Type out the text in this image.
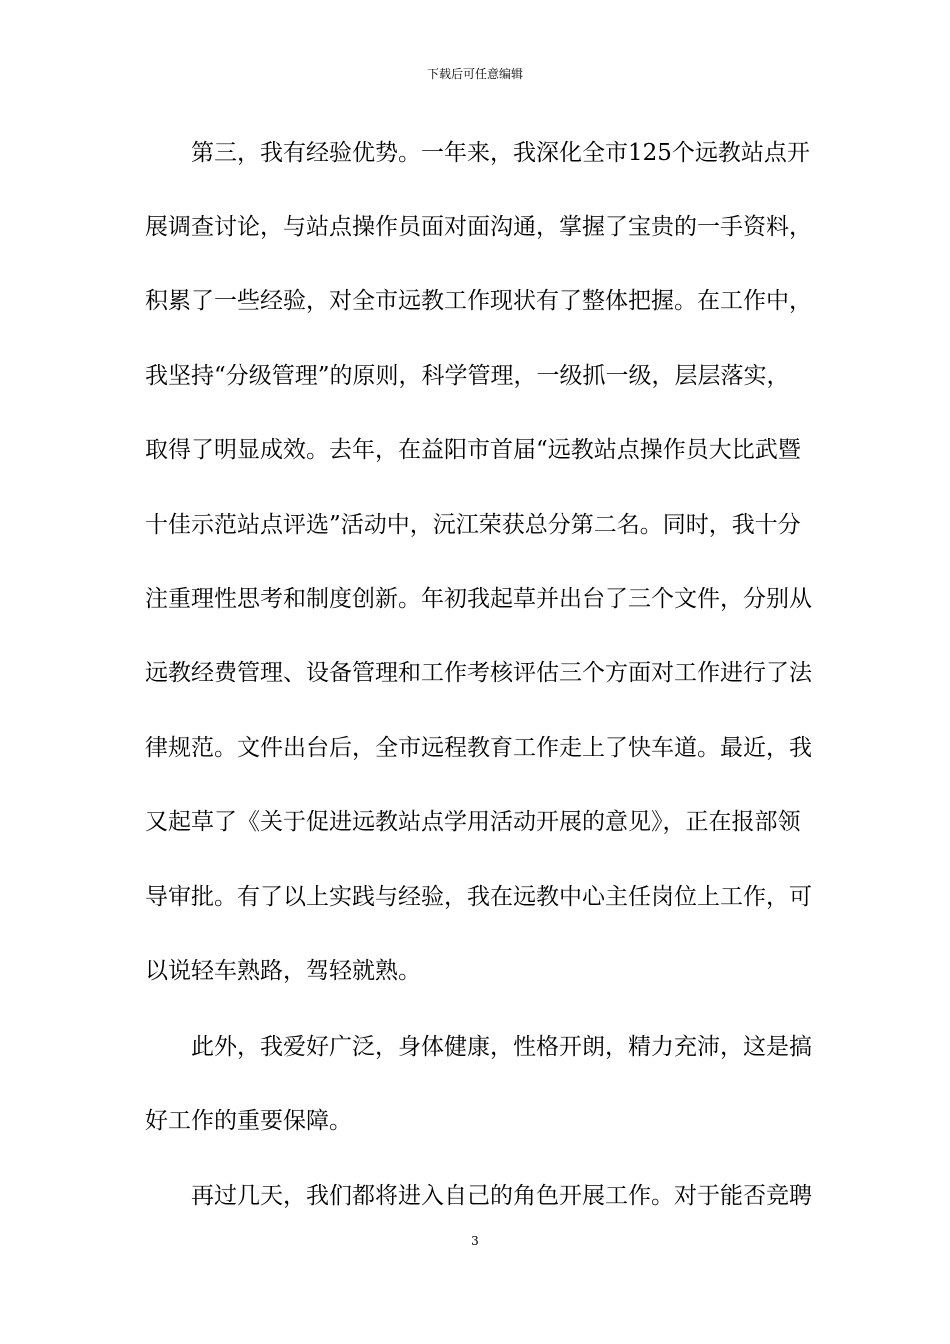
下载后可任意编辑
第三，我有经验优势。一年来，我深化全市125个远教站点开
展调查讨论，与站点操作员面对面沟通，掌握了宝贵的一手资料，
积累了一些经验，对全市远教工作现状有了整体把握。在工作中，
我坚持“分级管理”的原则，科学管理，一级抓一级，层层落实，
取得了明显成效。去年，在益阳市首届“远教站点操作员大比武暨
十佳示范站点评选”活动中，沅江荣获总分第二名。同时，我十分
注重理性思考和制度创新。年初我起草并出台了三个文件，分别从
远教经费管理、设备管理和工作考核评估三个方面对工作进行了法
律规范。文件出台后，全市远程教育工作走上了快车道。最近，我
又起草了《关于促进远教站点学用活动开展的意见》，正在报部领
导审批。有了以上实践与经验，我在远教中心主任岗位上工作，可
以说轻车熟路，驾轻就熟。
此外，我爱好广泛，身体健康，性格开朗，精力充沛，这是搞
好工作的重要保障。
再过几天，我们都将进入自己的角色开展工作。对于能否竞聘
3
